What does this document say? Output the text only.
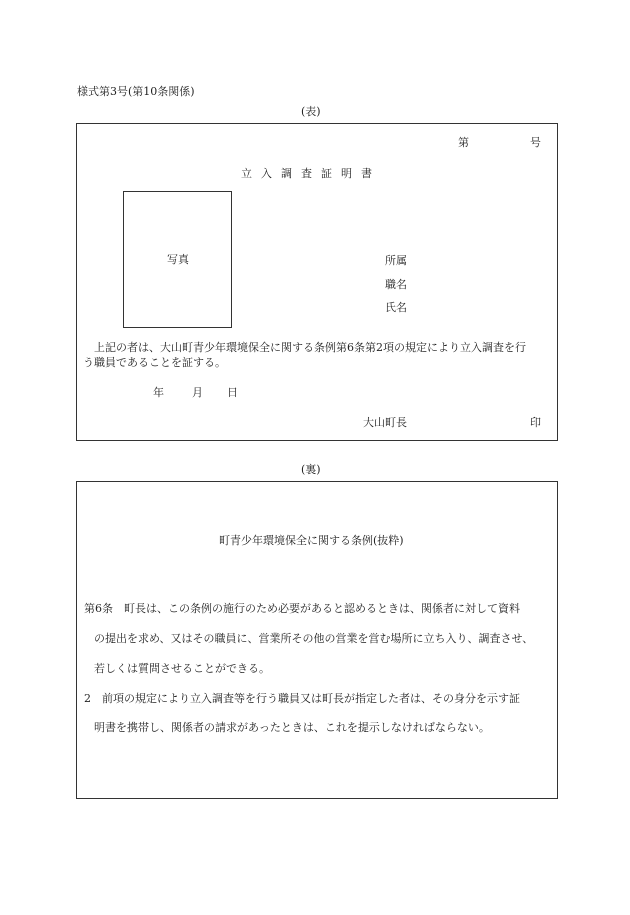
様式第3号(第10条関係)
(表)
第	号
立入調査証明書
写真	所属
職名
氏名
上記の者は、大山町青少年環境保全に関する条例第6条第2項の規定により立入調査を行
う職員であることを証する。
年	月 日
大山町長	印
(裏)
町青少年環境保全に関する条例(抜粋)
第6条　町長は、この条例の施行のため必要があると認めるときは、関係者に対して資料
の提出を求め、又はその職員に、営業所その他の営業を営む場所に立ち入り、調査させ、
若しくは質問させることができる。
2　前項の規定により立入調査等を行う職員又は町長が指定した者は、その身分を示す証
明書を携帯し、関係者の請求があったときは、これを提示しなければならない。
